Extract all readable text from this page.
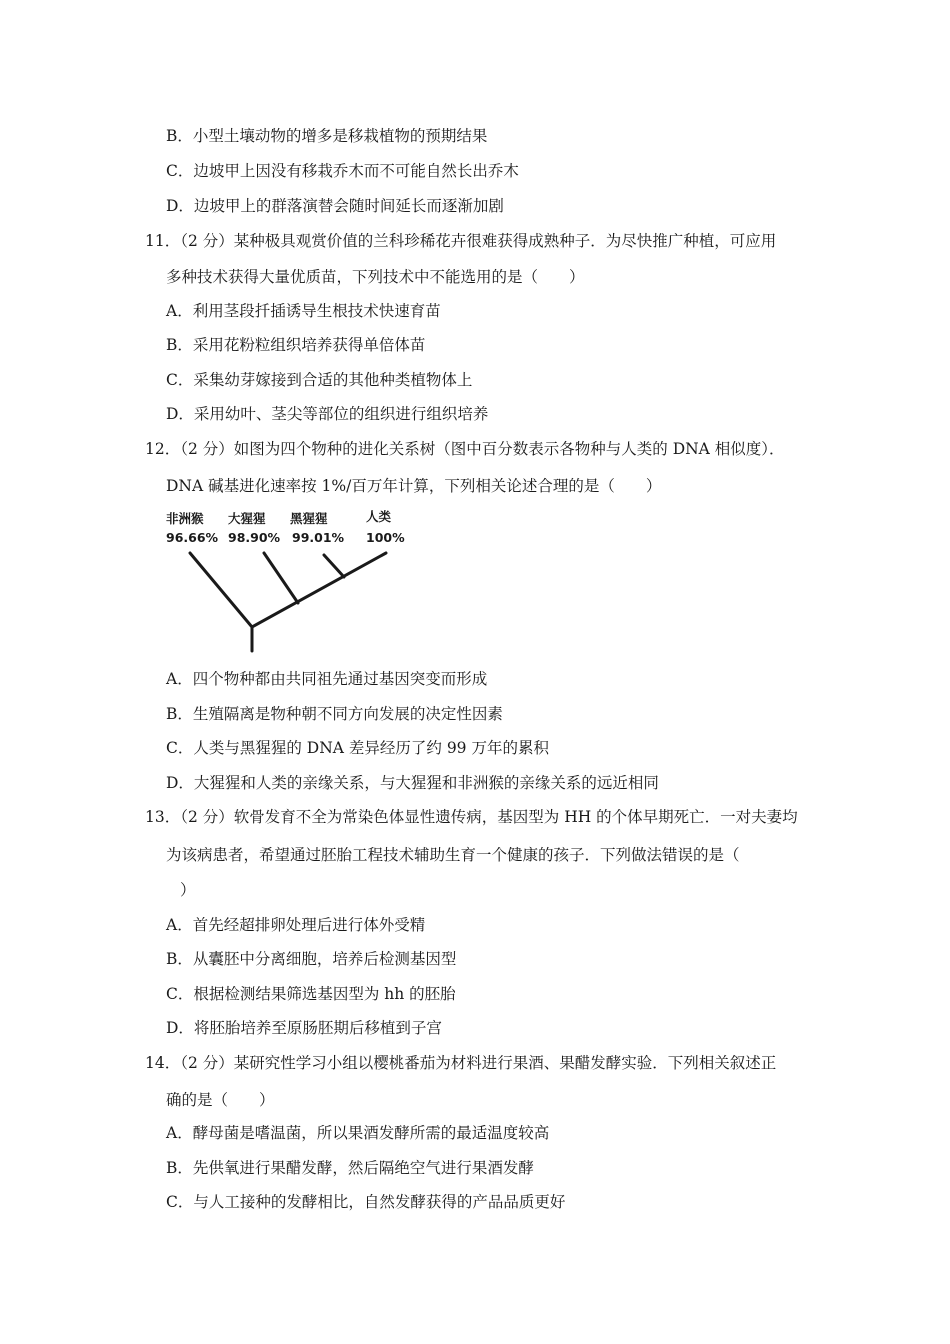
B．小型土壤动物的增多是移栽植物的预期结果
C．边坡甲上因没有移栽乔木而不可能自然长出乔木
D．边坡甲上的群落演替会随时间延长而逐渐加剧
11．（2 分）某种极具观赏价值的兰科珍稀花卉很难获得成熟种子．为尽快推广种植，可应用
多种技术获得大量优质苗，下列技术中不能选用的是（　　）
A．利用茎段扦插诱导生根技术快速育苗
B．采用花粉粒组织培养获得单倍体苗
C．采集幼芽嫁接到合适的其他种类植物体上
D．采用幼叶、茎尖等部位的组织进行组织培养
12．（2 分）如图为四个物种的进化关系树（图中百分数表示各物种与人类的 DNA 相似度）．
DNA 碱基进化速率按 1%/百万年计算，下列相关论述合理的是（　　）
非洲猴 大猩猩 黑猩猩	人类
96.66% 98.90% 99.01% 100%
A．四个物种都由共同祖先通过基因突变而形成
B．生殖隔离是物种朝不同方向发展的决定性因素
C．人类与黑猩猩的 DNA 差异经历了约 99 万年的累积
D．大猩猩和人类的亲缘关系，与大猩猩和非洲猴的亲缘关系的远近相同
13．（2 分）软骨发育不全为常染色体显性遗传病，基因型为 HH 的个体早期死亡．一对夫妻均
为该病患者，希望通过胚胎工程技术辅助生育一个健康的孩子．下列做法错误的是（
）
A．首先经超排卵处理后进行体外受精
B．从囊胚中分离细胞，培养后检测基因型
C．根据检测结果筛选基因型为 hh 的胚胎
D．将胚胎培养至原肠胚期后移植到子宫
14．（2 分）某研究性学习小组以樱桃番茄为材料进行果酒、果醋发酵实验．下列相关叙述正
确的是（　　）
A．酵母菌是嗜温菌，所以果酒发酵所需的最适温度较高
B．先供氧进行果醋发酵，然后隔绝空气进行果酒发酵
C．与人工接种的发酵相比，自然发酵获得的产品品质更好
